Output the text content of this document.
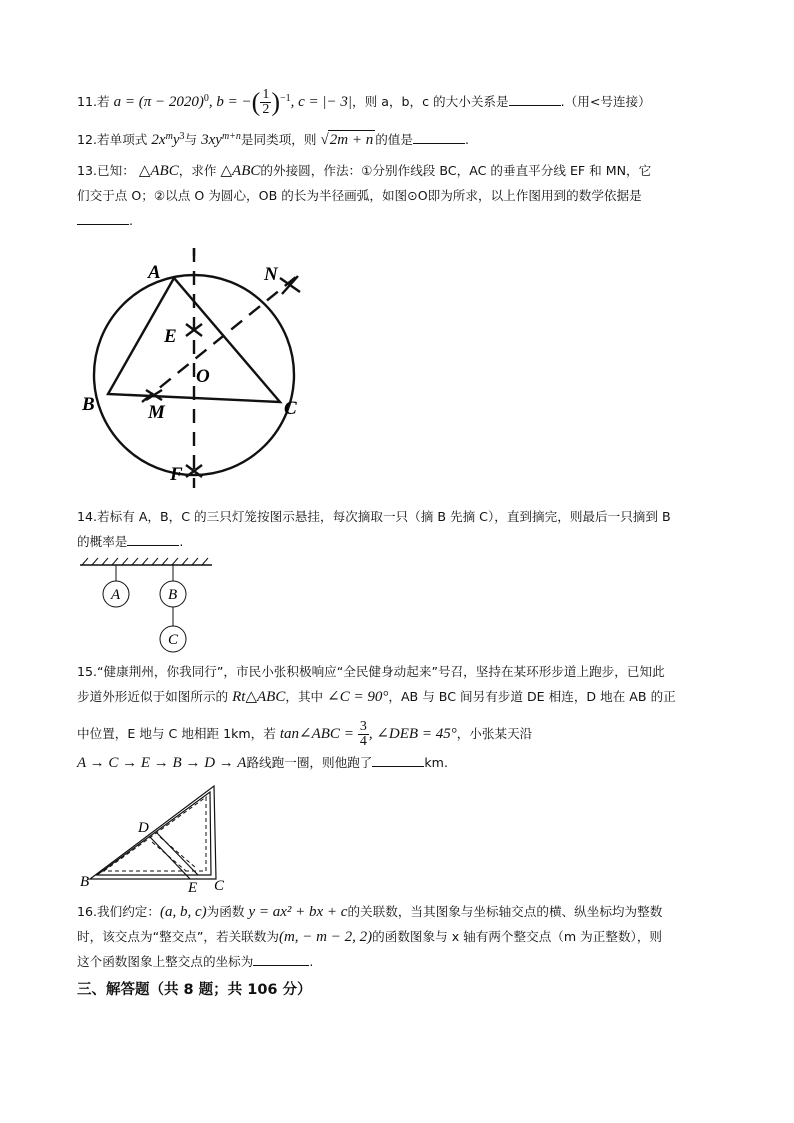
11.若 $a = (\pi - 2020)^0$, b = −( $\frac{1}{2} )^{-1}$, c = |− 3|，则 a，b，c 的大小关系是	.（用<号连接）
12.若单项式 $2x^my^3$与 $3xy^{m+n}$是同类项，则 √2m + n 的值是	.
13.已知： △ABC，求作 △ABC的外接圆，作法：①分别作线段 BC，AC 的垂直平分线 EF 和 MN，它
们交于点 O；②以点 O 为圆心，OB 的长为半径画弧，如图⊙O即为所求，以上作图用到的数学依据是
.
A
B	C
E
F
M
N
O
14.若标有 A，B，C 的三只灯笼按图示悬挂，每次摘取一只（摘 B 先摘 C），直到摘完，则最后一只摘到 B
的概率是	.
A	B
C
15.“健康荆州，你我同行”，市民小张积极响应“全民健身动起来”号召，坚持在某环形步道上跑步，已知此
步道外形近似于如图所示的 Rt△ABC，其中 ∠C = 90°，AB 与 BC 间另有步道 DE 相连，D 地在 AB 的正
中位置，E 地与 C 地相距 1km，若 tan∠ABC = $\frac{3}{4}$ , ∠DEB = 45°，小张某天沿
A → C → E → B → D → A路线跑一圈，则他跑了	km.
B	C
D
E
16.我们约定：(a, b, c)为函数 y = ax² + bx + c的关联数，当其图象与坐标轴交点的横、纵坐标均为整数
时，该交点为“整交点”，若关联数为(m, − m − 2, 2)的函数图象与 x 轴有两个整交点（m 为正整数），则
这个函数图象上整交点的坐标为	.
三、解答题（共 8 题；共 106 分）
